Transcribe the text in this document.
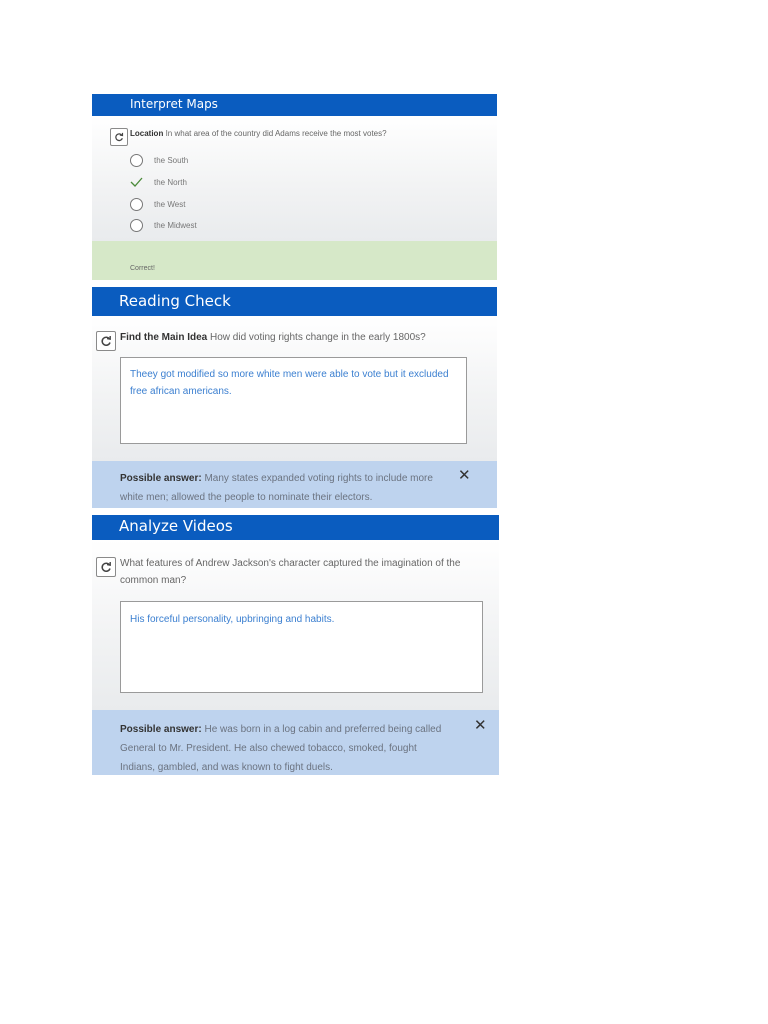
Interpret Maps
Location In what area of the country did Adams receive the most votes?
the South
the North
the West
the Midwest
Correct!
Reading Check
Find the Main Idea How did voting rights change in the early 1800s?
Theey got modified so more white men were able to vote but it excluded free african americans.
Possible answer: Many states expanded voting rights to include more white men; allowed the people to nominate their electors.
✕
Analyze Videos
What features of Andrew Jackson's character captured the imagination of the common man?
His forceful personality, upbringing and habits.
Possible answer: He was born in a log cabin and preferred being called General to Mr. President. He also chewed tobacco, smoked, fought Indians, gambled, and was known to fight duels.
✕
